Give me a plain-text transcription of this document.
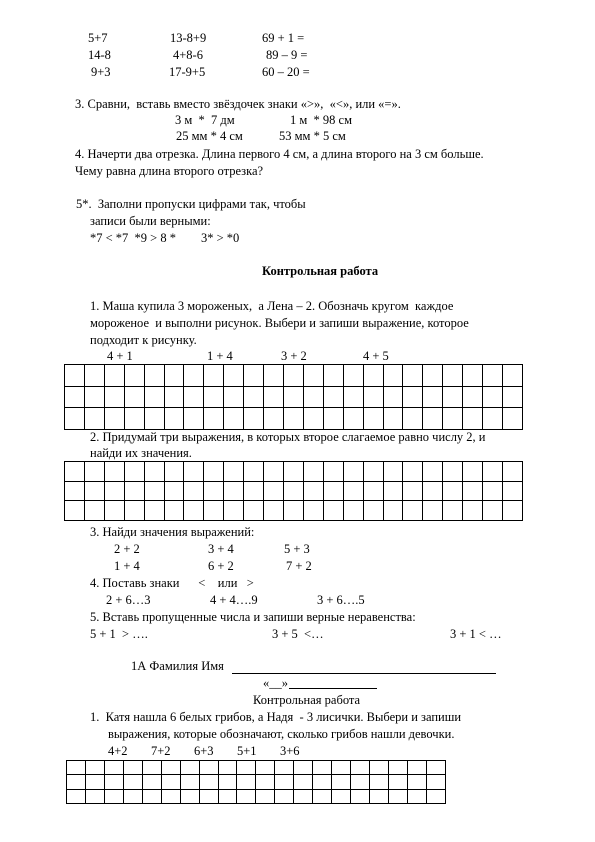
5+7	13-8+9	69 + 1 =
14-8	4+8-6	89 – 9 =
9+3	17-9+5	60 – 20 =
3. Сравни,  вставь вместо звёздочек знаки «>»,  «<», или «=».
3 м  *  7 дм	1 м  * 98 см
25 мм * 4 см	53 мм * 5 см
4. Начерти два отрезка. Длина первого 4 см, а длина второго на 3 см больше.
Чему равна длина второго отрезка?
5*.  Заполни пропуски цифрами так, чтобы
записи были верными:
*7 < *7  *9 > 8 *        3* > *0
Контрольная работа
1. Маша купила 3 мороженых,  а Лена – 2. Обозначь кругом  каждое
мороженое  и выполни рисунок. Выбери и запиши выражение, которое
подходит к рисунку.
4 + 1	1 + 4	3 + 2	4 + 5

2. Придумай три выражения, в которых второе слагаемое равно числу 2, и
найди их значения.

3. Найди значения выражений:
2 + 2	3 + 4	5 + 3
1 + 4	6 + 2	7 + 2
4. Поставь знаки      <    или   >
2 + 6…3	4 + 4….9	3 + 6….5
5. Вставь пропущенные числа и запиши верные неравенства:
5 + 1  > ….	3 + 5  <…	3 + 1 < …
1А Фамилия Имя
«__»
Контрольная работа
1.  Катя нашла 6 белых грибов, а Надя  - 3 лисички. Выбери и запиши
выражения, которые обозначают, сколько грибов нашли девочки.
4+2 7+2 6+3 5+1 3+6
